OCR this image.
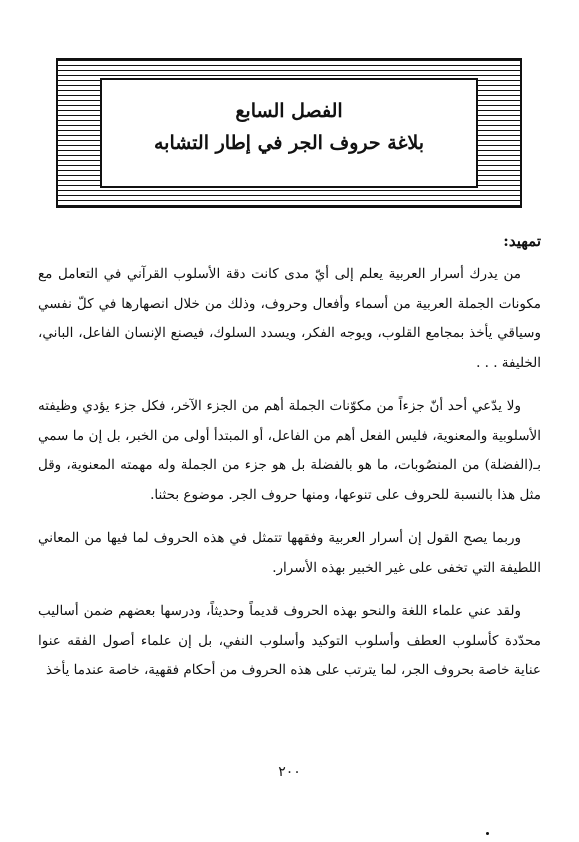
الفصل السابع
بلاغة حروف الجر في إطار التشابه
تمهيد:

من يدرك أسرار العربية يعلم إلى أيّ مدى كانت دقة الأسلوب القرآني في التعامل مع مكونات الجملة العربية من أسماء وأفعال وحروف، وذلك من خلال انصهارها في كلّ نفسي وسياقي يأخذ بمجامع القلوب، ويوجه الفكر، ويسدد السلوك، فيصنع الإنسان الفاعل، الباني، الخليفة . . .

ولا يدّعي أحد أنّ جزءاً من مكوّنات الجملة أهم من الجزء الآخر، فكل جزء يؤدي وظيفته الأسلوبية والمعنوية، فليس الفعل أهم من الفاعل، أو المبتدأ أولى من الخبر، بل إن ما سمي بـ(الفضلة) من المنصُوبات، ما هو بالفضلة بل هو جزء من الجملة وله مهمته المعنوية، وقل مثل هذا بالنسبة للحروف على تنوعها، ومنها حروف الجر. موضوع بحثنا.

وربما يصح القول إن أسرار العربية وفقهها تتمثل في هذه الحروف لما فيها من المعاني اللطيفة التي تخفى على غير الخبير بهذه الأسرار.

ولقد عني علماء اللغة والنحو بهذه الحروف قديماً وحديثاً، ودرسها بعضهم ضمن أساليب محدّدة كأسلوب العطف وأسلوب التوكيد وأسلوب النفي، بل إن علماء أصول الفقه عنوا عناية خاصة بحروف الجر، لما يترتب على هذه الحروف من أحكام فقهية، خاصة عندما يأخذ

٢٠٠
